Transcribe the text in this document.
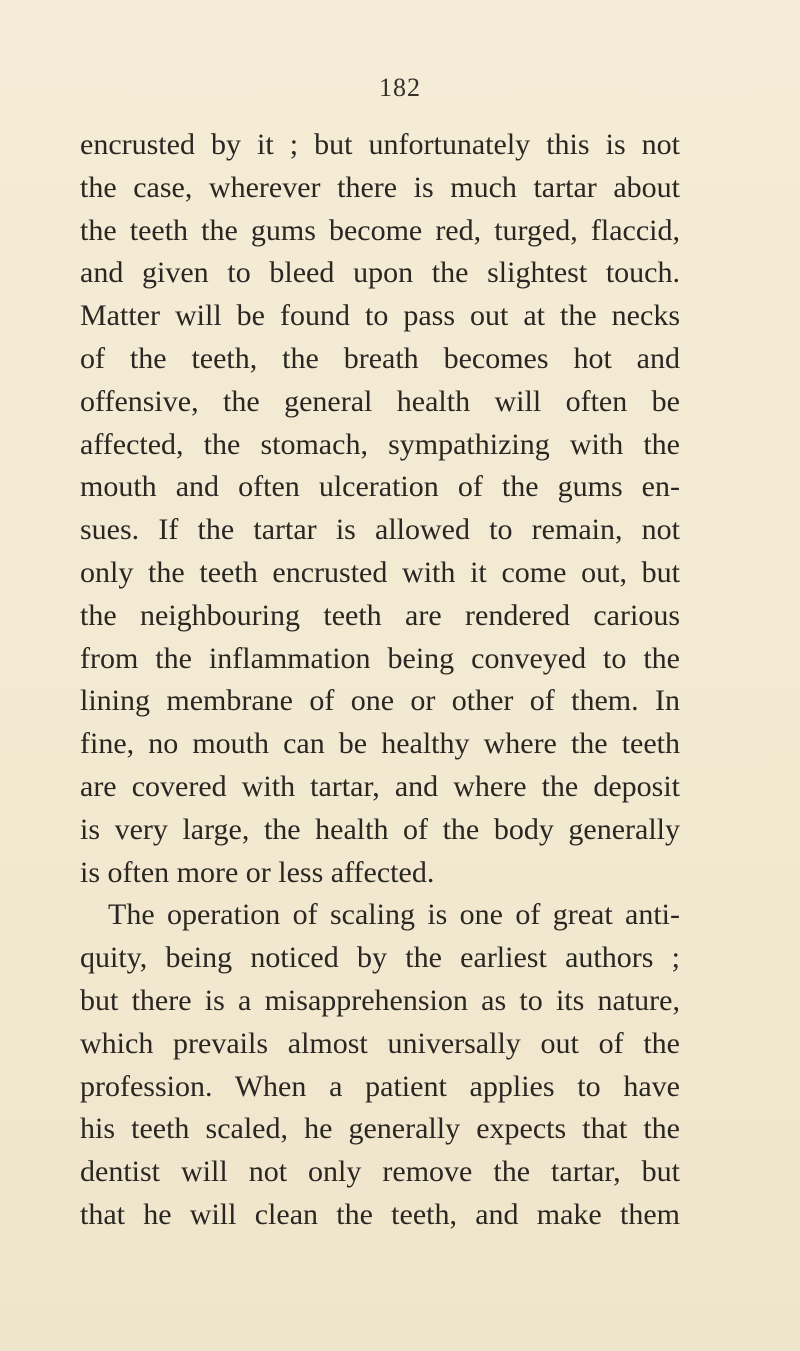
182
encrusted by it ; but unfortunately this is not
the case, wherever there is much tartar about
the teeth the gums become red, turged, flaccid,
and given to bleed upon the slightest touch.
Matter will be found to pass out at the necks
of the teeth, the breath becomes hot and
offensive, the general health will often be
affected, the stomach, sympathizing with the
mouth and often ulceration of the gums en-
sues. If the tartar is allowed to remain, not
only the teeth encrusted with it come out, but
the neighbouring teeth are rendered carious
from the inflammation being conveyed to the
lining membrane of one or other of them. In
fine, no mouth can be healthy where the teeth
are covered with tartar, and where the deposit
is very large, the health of the body generally
is often more or less affected.
The operation of scaling is one of great anti-
quity, being noticed by the earliest authors ;
but there is a misapprehension as to its nature,
which prevails almost universally out of the
profession. When a patient applies to have
his teeth scaled, he generally expects that the
dentist will not only remove the tartar, but
that he will clean the teeth, and make them
